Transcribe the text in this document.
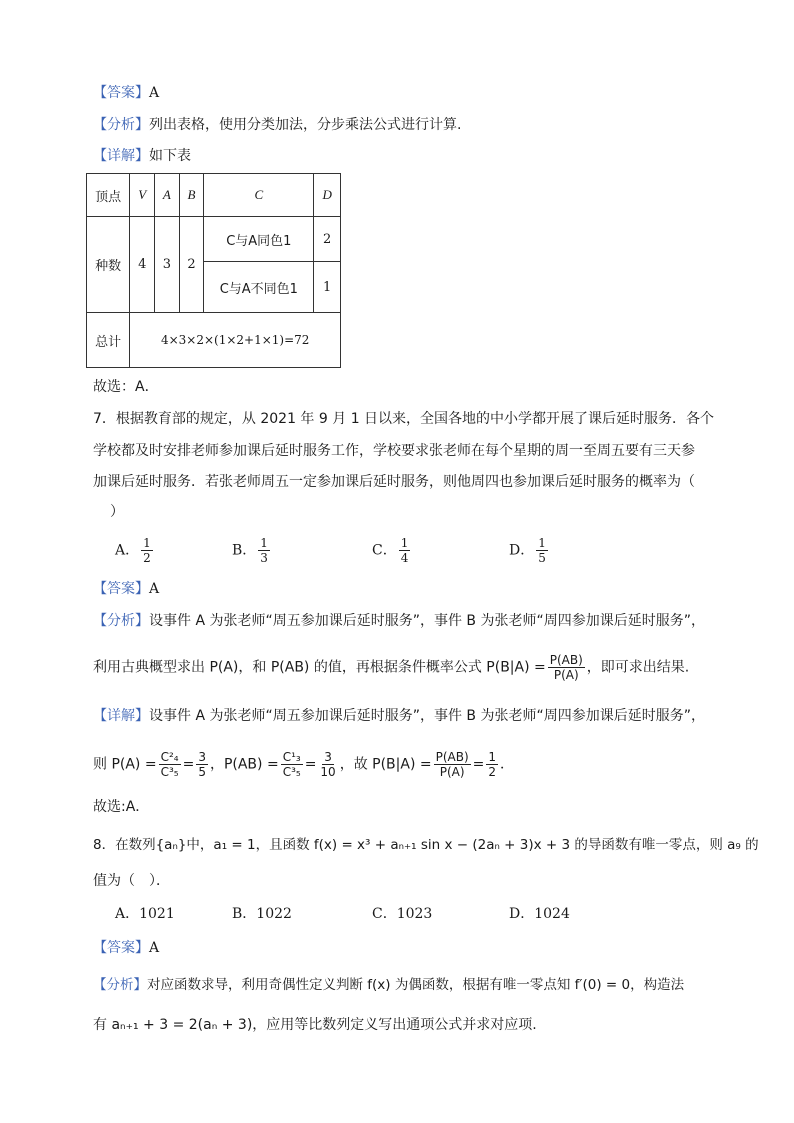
【答案】A
【分析】列出表格，使用分类加法，分步乘法公式进行计算.
【详解】如下表
顶点	V	A	B	C	D
种数	4	3	2	C与A同色1	2
				C与A不同色1	1
总计	4×3×2×(1×2+1×1)=72				
故选：A．
7．根据教育部的规定，从 2021 年 9 月 1 日以来，全国各地的中小学都开展了课后延时服务．各个
学校都及时安排老师参加课后延时服务工作，学校要求张老师在每个星期的周一至周五要有三天参
加课后延时服务．若张老师周五一定参加课后延时服务，则他周四也参加课后延时服务的概率为（
）
A． $\frac{1}{2}$	B． $\frac{1}{3}$	C． $\frac{1}{4}$	D． $\frac{1}{5}$
【答案】A
【分析】设事件 A 为张老师“周五参加课后延时服务”，事件 B 为张老师“周四参加课后延时服务”，
利用古典概型求出 P(A)，和 P(AB) 的值，再根据条件概率公式 $P(B|A) = \frac{P(AB)}{P(A)}$ ，即可求出结果.
【详解】设事件 A 为张老师“周五参加课后延时服务”，事件 B 为张老师“周四参加课后延时服务”，
则 $P(A) = \frac{\text{C²₄}}{\text{C³₅}} = \frac{3}{5}$ ，$P(AB) = \frac{\text{C¹₃}}{\text{C³₅}} = \frac{3}{10}$ ，故 $P(B|A) = \frac{P(AB)}{P(A)} = \frac{1}{2}$ ．
故选:A．
8．在数列{aₙ}中，a₁ = 1，且函数 f(x) = x³ + aₙ₊₁ sin x − (2aₙ + 3)x + 3 的导函数有唯一零点，则 a₉ 的
值为（　）．
A．1021	B．1022	C．1023	D．1024
【答案】A
【分析】对应函数求导，利用奇偶性定义判断 f(x) 为偶函数，根据有唯一零点知 f′(0) = 0，构造法
有 aₙ₊₁ + 3 = 2(aₙ + 3)，应用等比数列定义写出通项公式并求对应项.
